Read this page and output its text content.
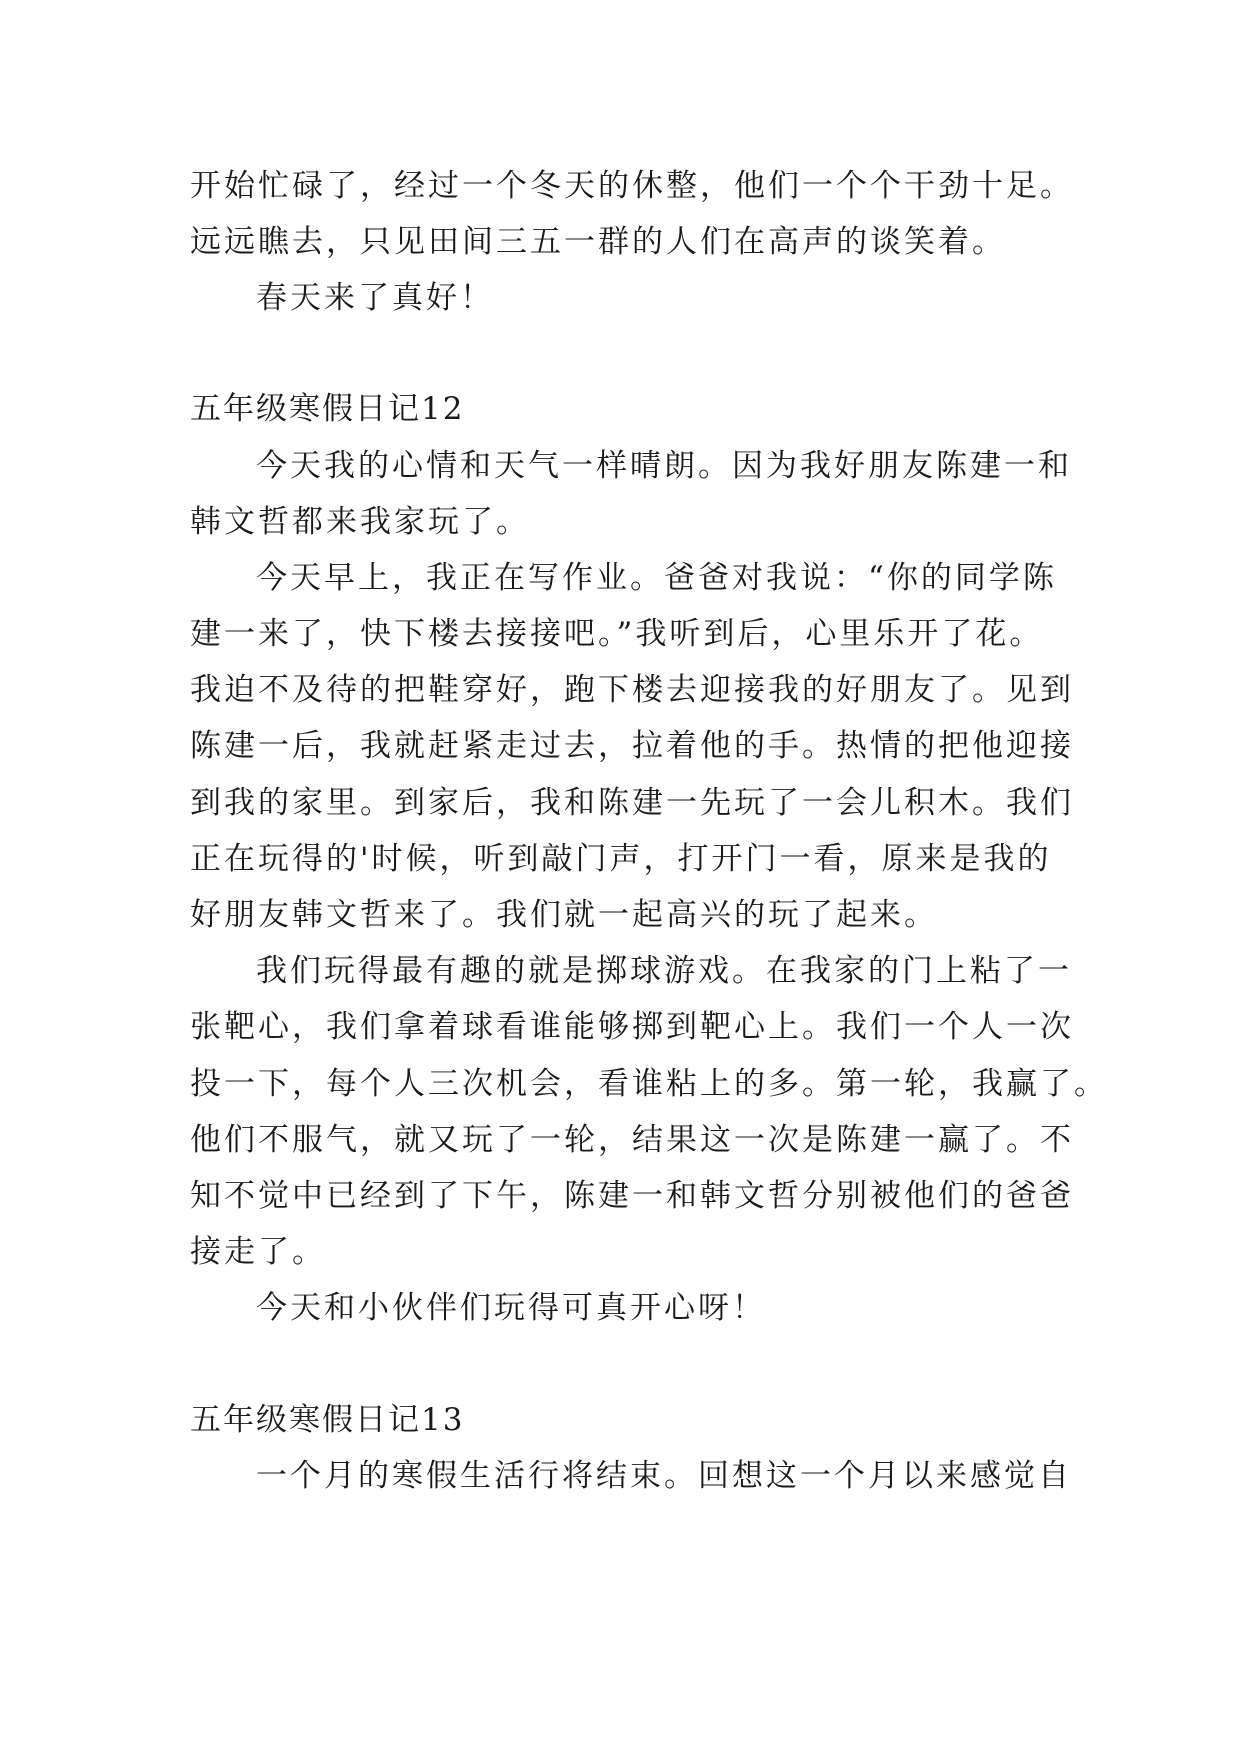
开始忙碌了，经过一个冬天的休整，他们一个个干劲十足。
远远瞧去，只见田间三五一群的人们在高声的谈笑着。
春天来了真好！
五年级寒假日记12
今天我的心情和天气一样晴朗。因为我好朋友陈建一和
韩文哲都来我家玩了。
今天早上，我正在写作业。爸爸对我说：“你的同学陈
建一来了，快下楼去接接吧。”我听到后，心里乐开了花。
我迫不及待的把鞋穿好，跑下楼去迎接我的好朋友了。见到
陈建一后，我就赶紧走过去，拉着他的手。热情的把他迎接
到我的家里。到家后，我和陈建一先玩了一会儿积木。我们
正在玩得的'时候，听到敲门声，打开门一看，原来是我的
好朋友韩文哲来了。我们就一起高兴的玩了起来。
我们玩得最有趣的就是掷球游戏。在我家的门上粘了一
张靶心，我们拿着球看谁能够掷到靶心上。我们一个人一次
投一下，每个人三次机会，看谁粘上的多。第一轮，我赢了。
他们不服气，就又玩了一轮，结果这一次是陈建一赢了。不
知不觉中已经到了下午，陈建一和韩文哲分别被他们的爸爸
接走了。
今天和小伙伴们玩得可真开心呀！
五年级寒假日记13
一个月的寒假生活行将结束。回想这一个月以来感觉自
